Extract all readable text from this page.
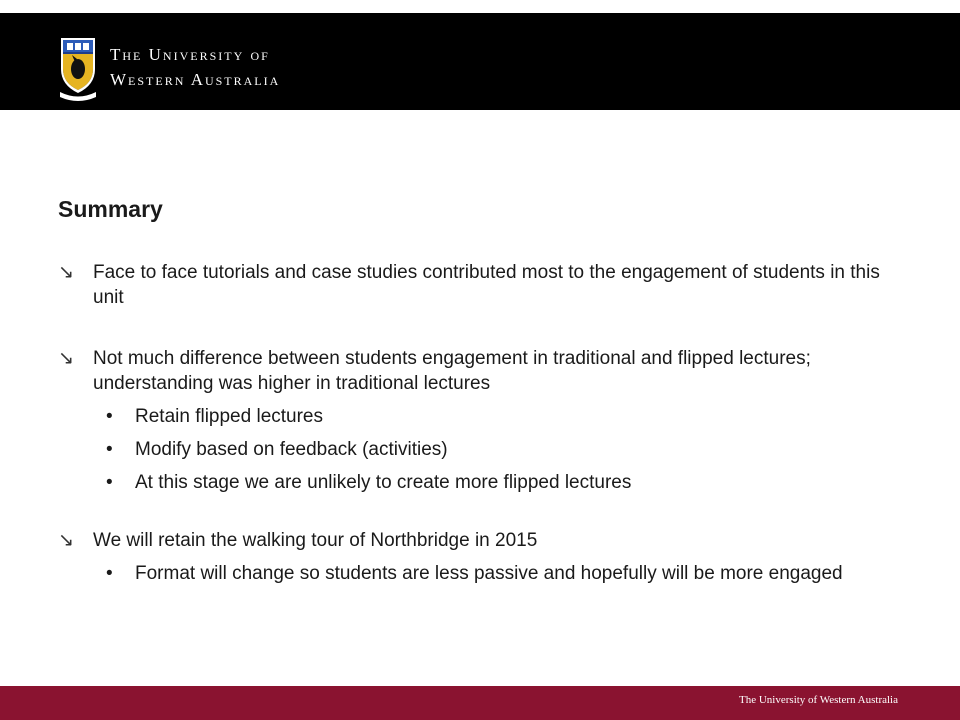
The University of
Western Australia
Summary
↘	Face to face tutorials and case studies contributed most to the engagement of students in this unit
↘	Not much difference between students engagement in traditional and flipped lectures; understanding was higher in traditional lectures
• Retain flipped lectures
• Modify based on feedback (activities)
• At this stage we are unlikely to create more flipped lectures
↘	We will retain the walking tour of Northbridge in 2015
• Format will change so students are less passive and hopefully will be more engaged
The University of Western Australia
